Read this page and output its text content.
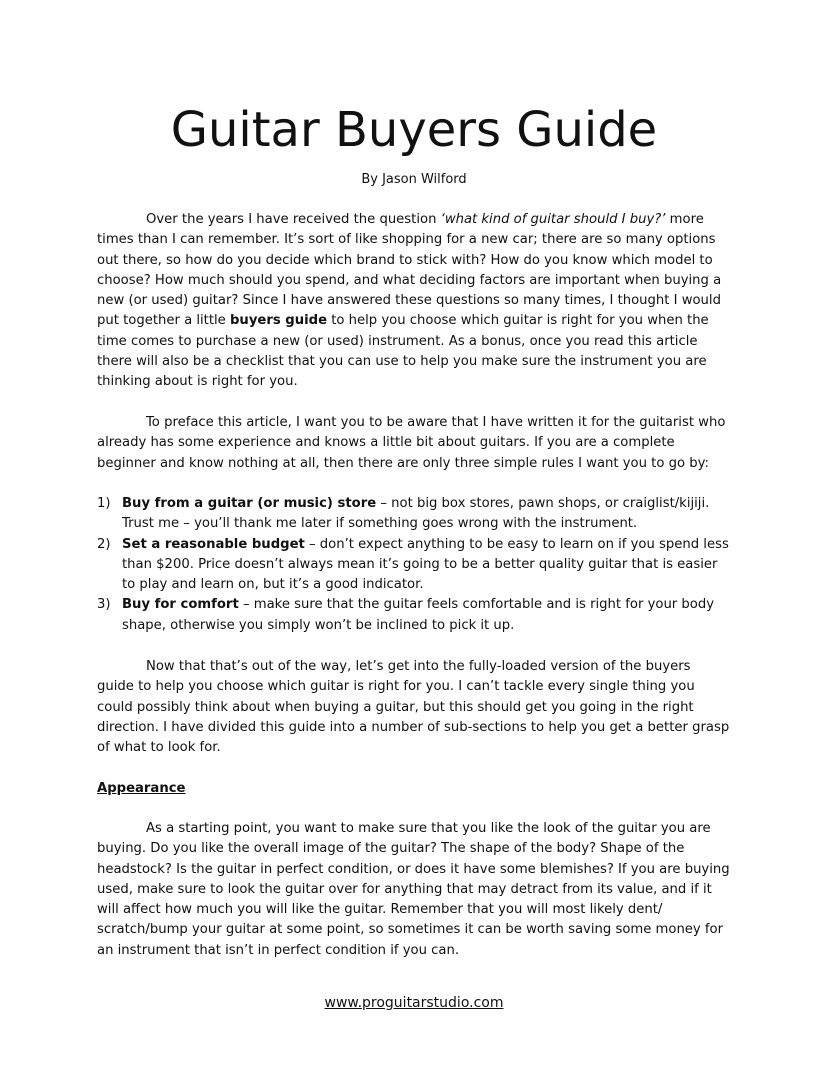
Guitar Buyers Guide
By Jason Wilford

Over the years I have received the question ‘what kind of guitar should I buy?’ more times than I can remember. It’s sort of like shopping for a new car; there are so many options out there, so how do you decide which brand to stick with? How do you know which model to choose? How much should you spend, and what deciding factors are important when buying a new (or used) guitar? Since I have answered these questions so many times, I thought I would put together a little buyers guide to help you choose which guitar is right for you when the time comes to purchase a new (or used) instrument. As a bonus, once you read this article there will also be a checklist that you can use to help you make sure the instrument you are thinking about is right for you.

To preface this article, I want you to be aware that I have written it for the guitarist who already has some experience and knows a little bit about guitars. If you are a complete beginner and know nothing at all, then there are only three simple rules I want you to go by:

1) Buy from a guitar (or music) store – not big box stores, pawn shops, or craiglist/kijiji. Trust me – you’ll thank me later if something goes wrong with the instrument.
2) Set a reasonable budget – don’t expect anything to be easy to learn on if you spend less than $200. Price doesn’t always mean it’s going to be a better quality guitar that is easier to play and learn on, but it’s a good indicator.
3) Buy for comfort – make sure that the guitar feels comfortable and is right for your body shape, otherwise you simply won’t be inclined to pick it up.

Now that that’s out of the way, let’s get into the fully-loaded version of the buyers guide to help you choose which guitar is right for you. I can’t tackle every single thing you could possibly think about when buying a guitar, but this should get you going in the right direction. I have divided this guide into a number of sub-sections to help you get a better grasp of what to look for.

Appearance

As a starting point, you want to make sure that you like the look of the guitar you are buying. Do you like the overall image of the guitar? The shape of the body? Shape of the headstock? Is the guitar in perfect condition, or does it have some blemishes? If you are buying used, make sure to look the guitar over for anything that may detract from its value, and if it will affect how much you will like the guitar. Remember that you will most likely dent/ scratch/bump your guitar at some point, so sometimes it can be worth saving some money for an instrument that isn’t in perfect condition if you can.

www.proguitarstudio.com
